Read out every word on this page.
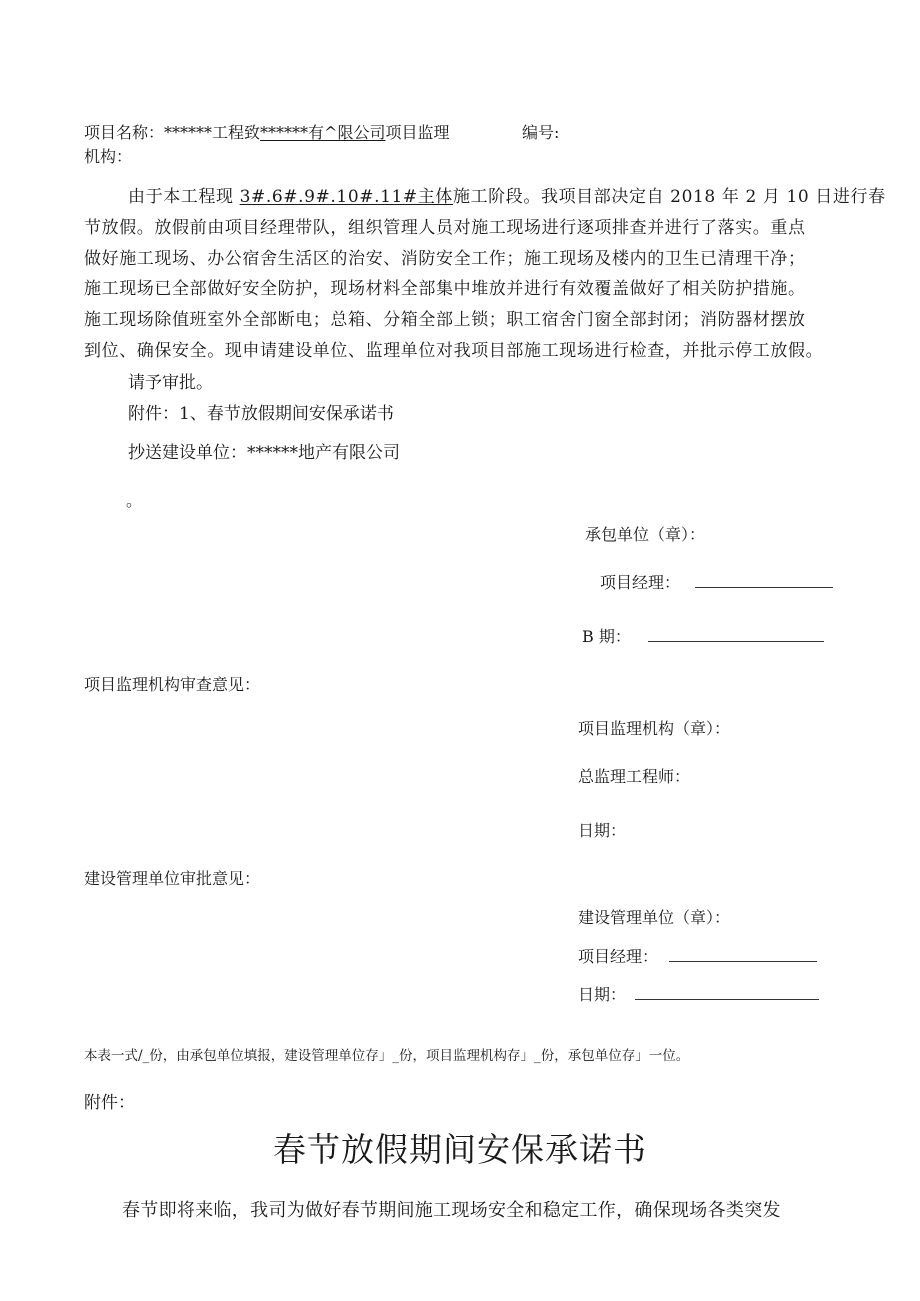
项目名称：******工程致******有^限公司项目监理	编号:
机构：
由于本工程现 3#.6#.9#.10#.11#主体施工阶段。我项目部决定自 2018 年 2 月 10 日进行春
节放假。放假前由项目经理带队，组织管理人员对施工现场进行逐项排查并进行了落实。重点
做好施工现场、办公宿舍生活区的治安、消防安全工作；施工现场及楼内的卫生已清理干净；
施工现场已全部做好安全防护，现场材料全部集中堆放并进行有效覆盖做好了相关防护措施。
施工现场除值班室外全部断电；总箱、分箱全部上锁；职工宿舍门窗全部封闭；消防器材摆放
到位、确保安全。现申请建设单位、监理单位对我项目部施工现场进行检查，并批示停工放假。
请予审批。
附件：1、春节放假期间安保承诺书
抄送建设单位：******地产有限公司
。
承包单位（章）：
项目经理：
B 期：
项目监理机构审查意见：
项目监理机构（章）：
总监理工程师：
日期：
建设管理单位审批意见：
建设管理单位（章）：
项目经理：
日期：
本表一式/_份，由承包单位填报，建设管理单位存」_份，项目监理机构存」_份，承包单位存」一位。
附件：
春节放假期间安保承诺书
春节即将来临，我司为做好春节期间施工现场安全和稳定工作，确保现场各类突发
